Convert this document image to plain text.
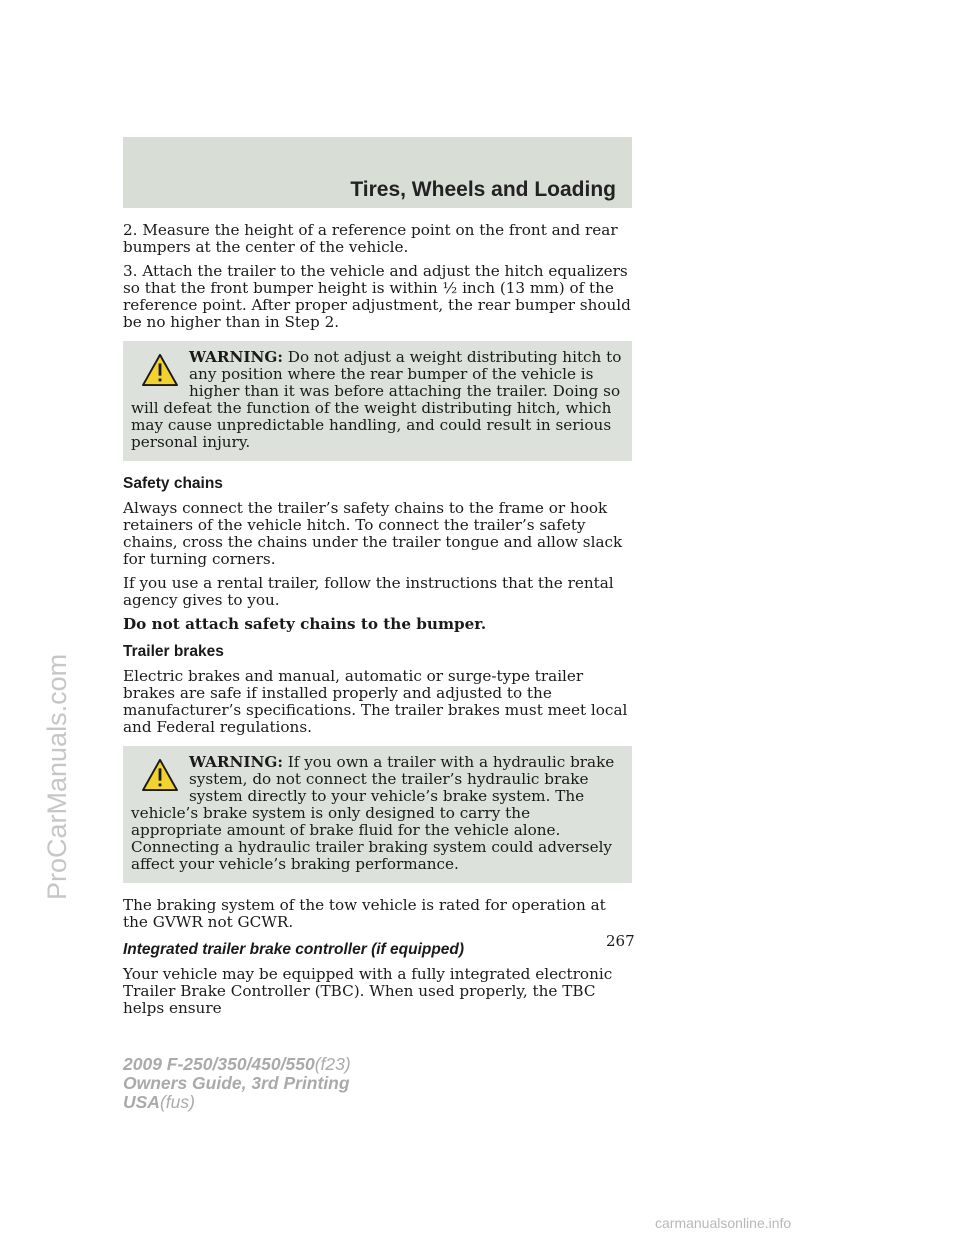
Tires, Wheels and Loading

2. Measure the height of a reference point on the front and rear bumpers at the center of the vehicle.

3. Attach the trailer to the vehicle and adjust the hitch equalizers so that the front bumper height is within ½ inch (13 mm) of the reference point. After proper adjustment, the rear bumper should be no higher than in Step 2.

WARNING: Do not adjust a weight distributing hitch to any position where the rear bumper of the vehicle is higher than it was before attaching the trailer. Doing so will defeat the function of the weight distributing hitch, which may cause unpredictable handling, and could result in serious personal injury.
Safety chains

Always connect the trailer’s safety chains to the frame or hook retainers of the vehicle hitch. To connect the trailer’s safety chains, cross the chains under the trailer tongue and allow slack for turning corners.

If you use a rental trailer, follow the instructions that the rental agency gives to you.

Do not attach safety chains to the bumper.

Trailer brakes

Electric brakes and manual, automatic or surge-type trailer brakes are safe if installed properly and adjusted to the manufacturer’s specifications. The trailer brakes must meet local and Federal regulations.

WARNING: If you own a trailer with a hydraulic brake system, do not connect the trailer’s hydraulic brake system directly to your vehicle’s brake system. The vehicle’s brake system is only designed to carry the appropriate amount of brake fluid for the vehicle alone. Connecting a hydraulic trailer braking system could adversely affect your vehicle’s braking performance.

The braking system of the tow vehicle is rated for operation at the GVWR not GCWR.

Integrated trailer brake controller (if equipped)

Your vehicle may be equipped with a fully integrated electronic Trailer Brake Controller (TBC). When used properly, the TBC helps ensure

267
2009 F-250/350/450/550(f23)
Owners Guide, 3rd Printing
USA(fus)
ProCarManuals.com
carmanualsonline.info
